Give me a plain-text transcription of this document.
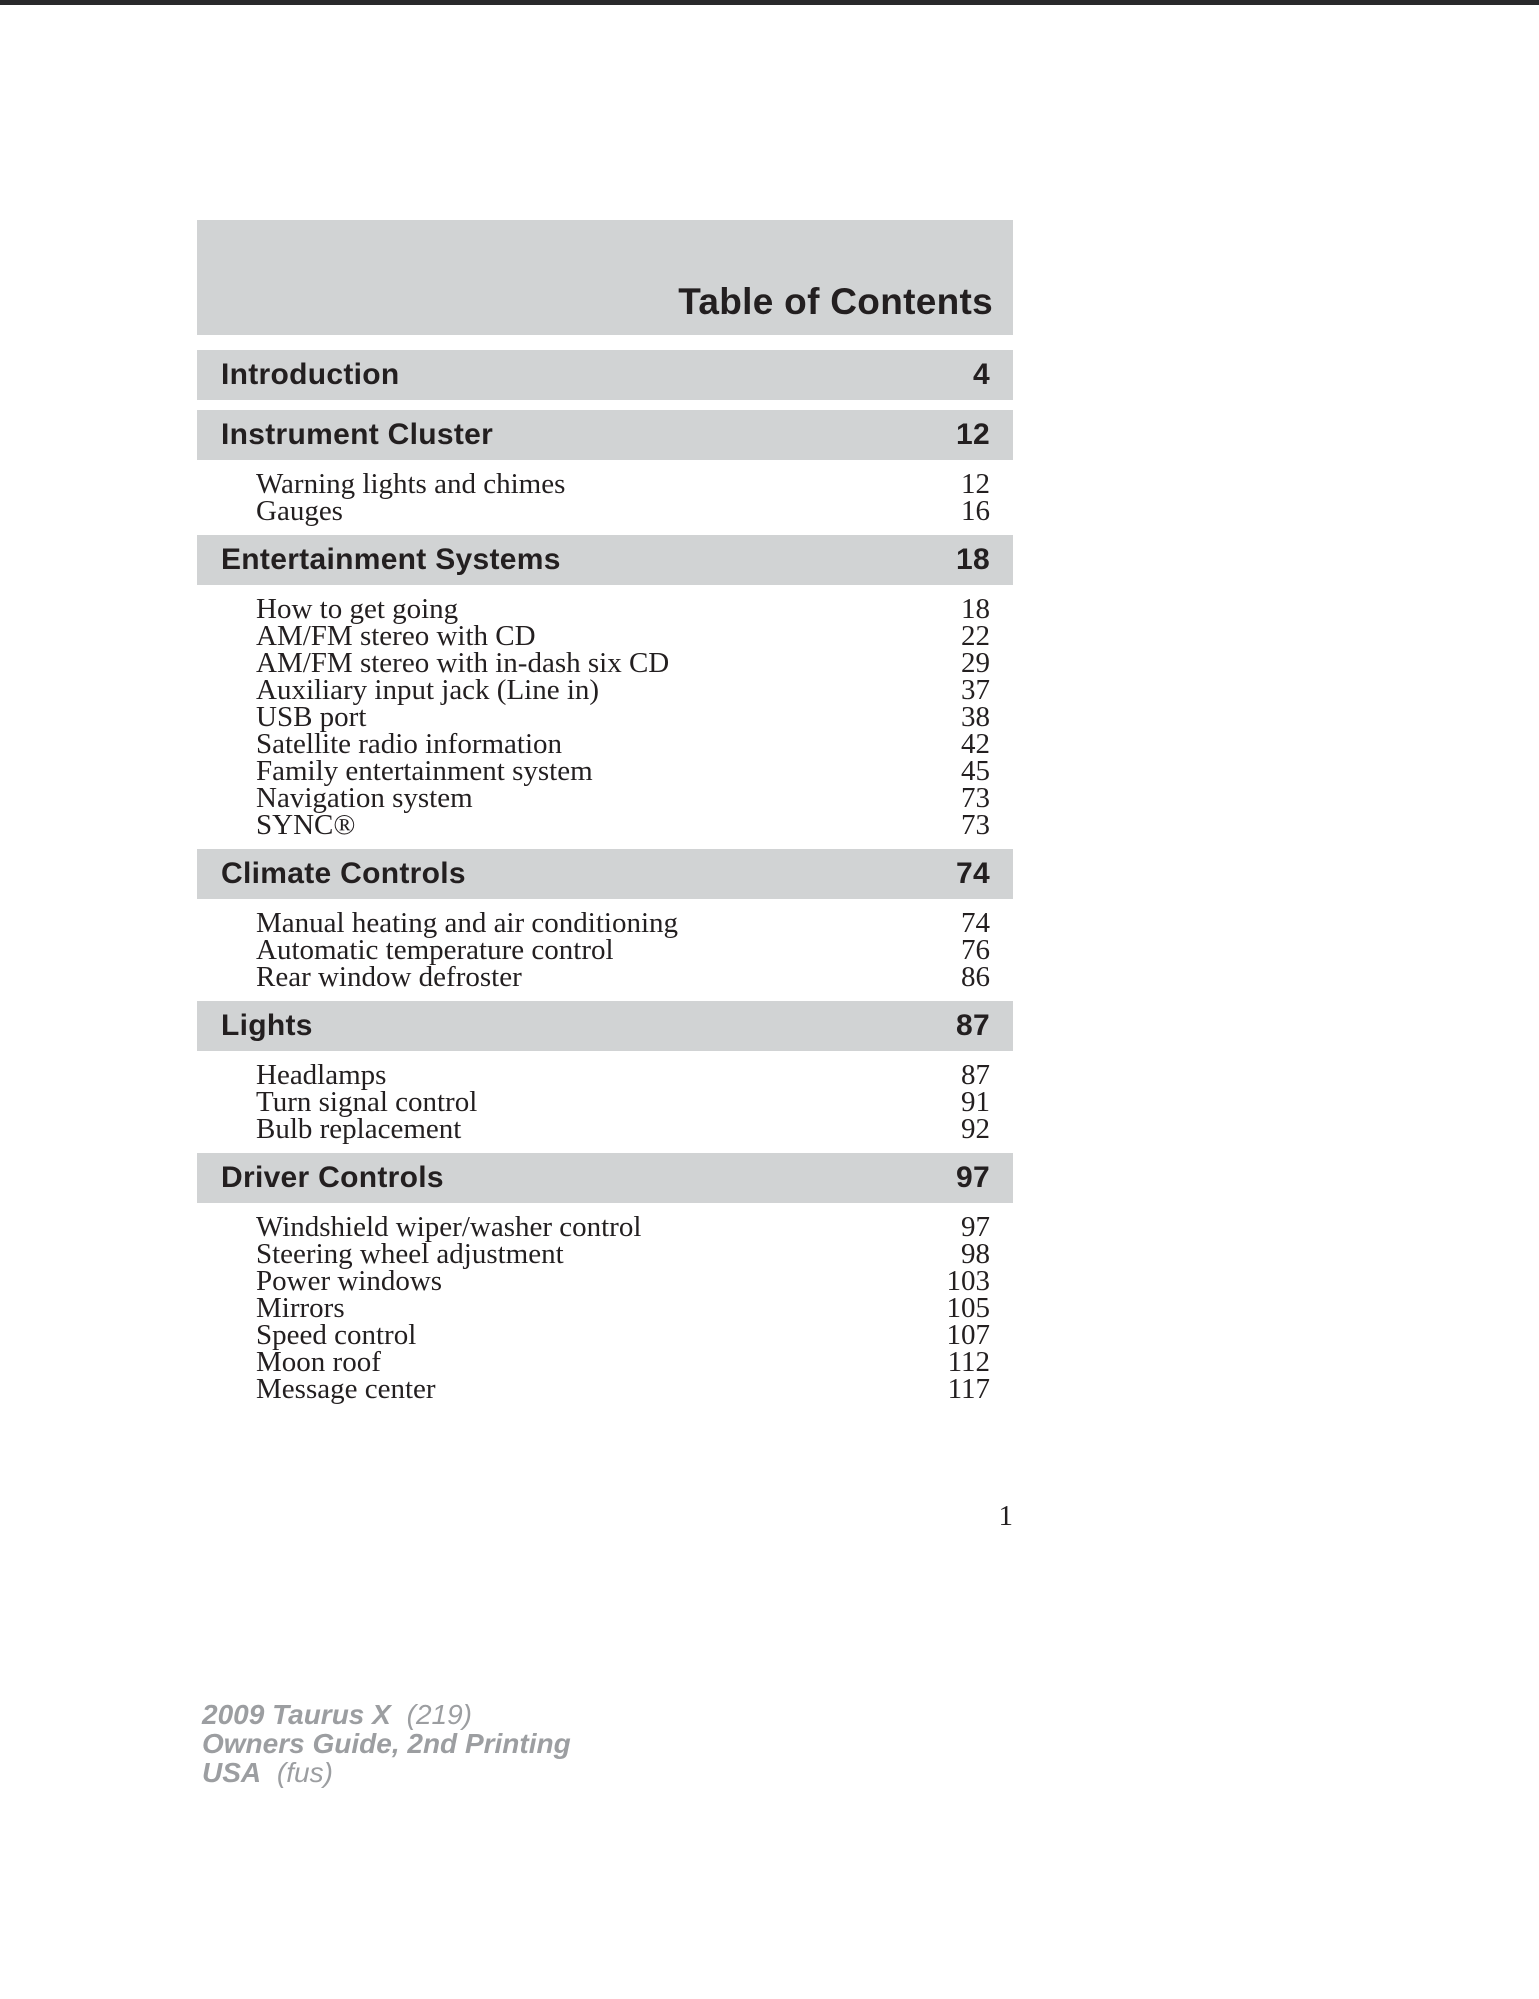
Table of Contents
Introduction	4
Instrument Cluster	12
Warning lights and chimes	12
Gauges	16
Entertainment Systems	18
How to get going	18
AM/FM stereo with CD	22
AM/FM stereo with in-dash six CD	29
Auxiliary input jack (Line in)	37
USB port	38
Satellite radio information	42
Family entertainment system	45
Navigation system	73
SYNC®	73
Climate Controls	74
Manual heating and air conditioning	74
Automatic temperature control	76
Rear window defroster	86
Lights	87
Headlamps	87
Turn signal control	91
Bulb replacement	92
Driver Controls	97
Windshield wiper/washer control	97
Steering wheel adjustment	98
Power windows	103
Mirrors	105
Speed control	107
Moon roof	112
Message center	117
1
2009 Taurus X (219)
Owners Guide, 2nd Printing
USA (fus)
